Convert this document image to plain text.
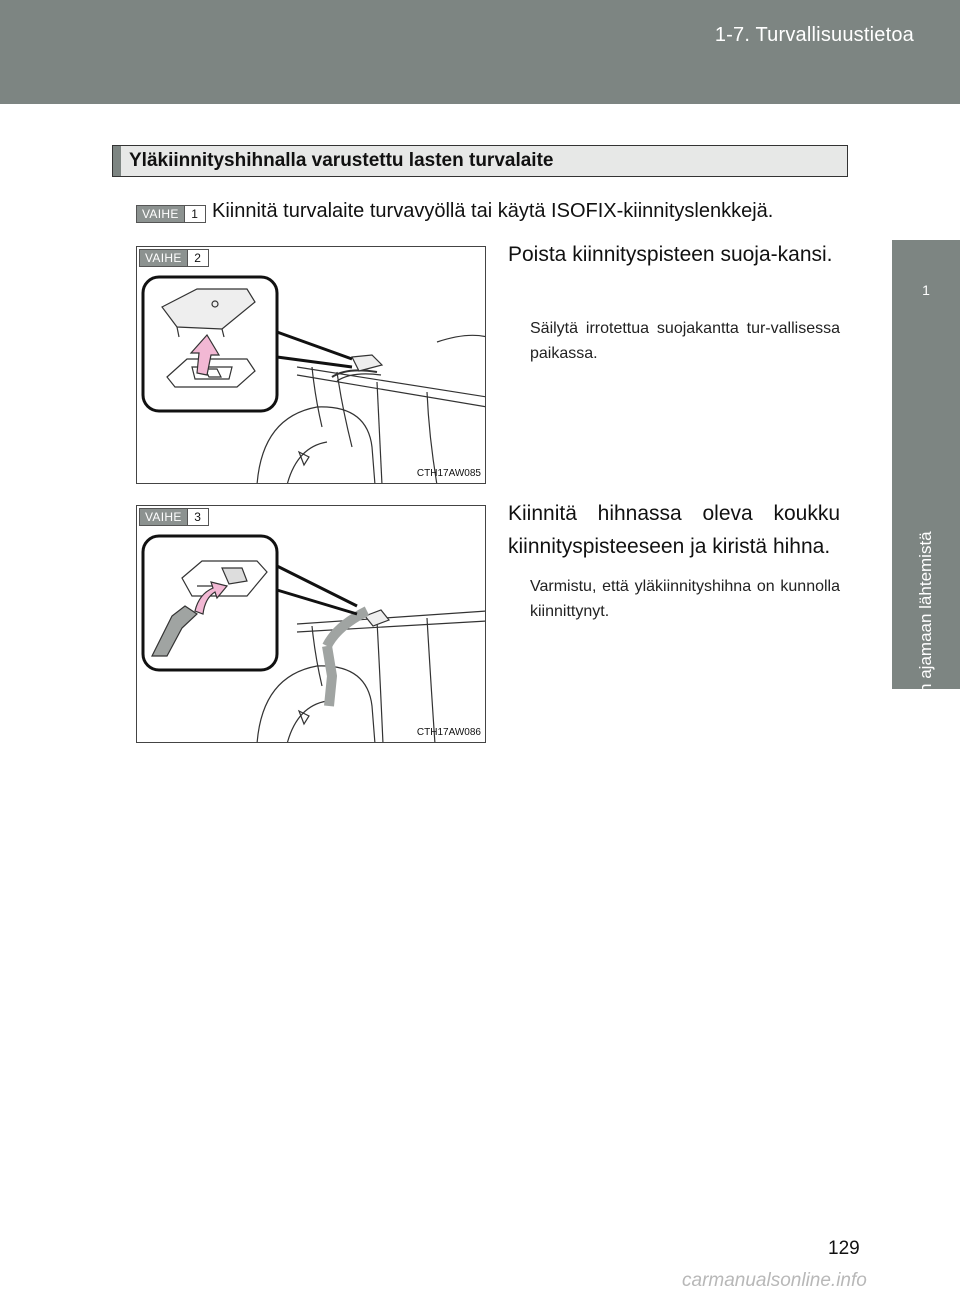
1-7. Turvallisuustietoa
1
Ennen ajamaan lähtemistä
Yläkiinnityshihnalla varustettu lasten turvalaite
VAIHE	1 Kiinnitä turvalaite turvavyöllä tai käytä ISOFIX-kiinnityslenkkejä.
VAIHE	2
CTH17AW085
Poista kiinnityspisteen suoja-kansi.
Säilytä irrotettua suojakantta tur-vallisessa paikassa.
VAIHE	3
CTH17AW086
Kiinnitä hihnassa oleva koukku kiinnityspisteeseen ja kiristä hihna.
Varmistu, että yläkiinnityshihna on kunnolla kiinnittynyt.
129
carmanualsonline.info
